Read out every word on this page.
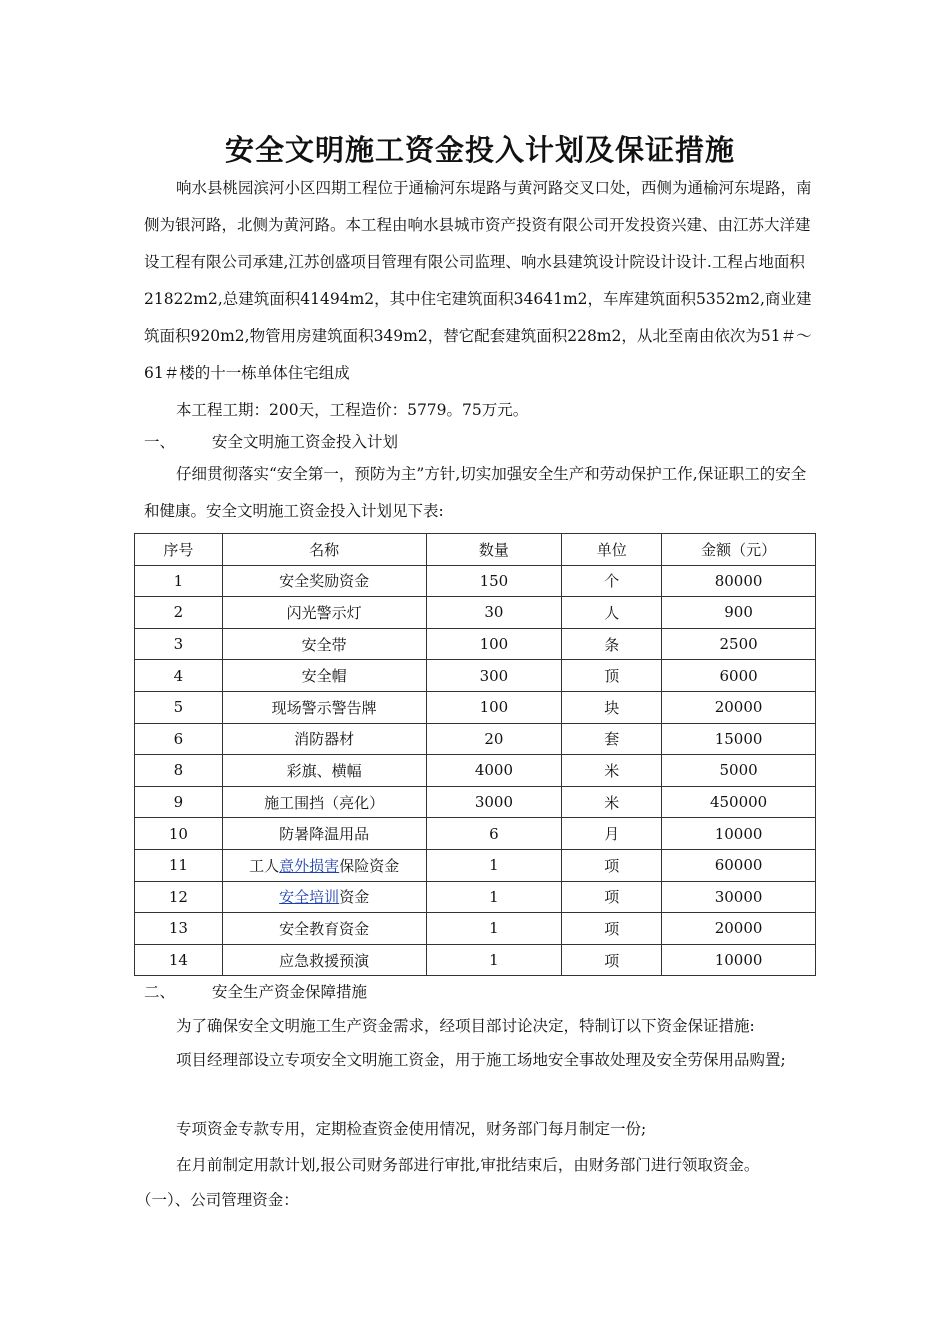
安全文明施工资金投入计划及保证措施

响水县桃园滨河小区四期工程位于通榆河东堤路与黄河路交叉口处，西侧为通榆河东堤路，南侧为银河路，北侧为黄河路。本工程由响水县城市资产投资有限公司开发投资兴建、由江苏大洋建设工程有限公司承建,江苏创盛项目管理有限公司监理、响水县建筑设计院设计设计.工程占地面积21822m2,总建筑面积41494m2，其中住宅建筑面积34641m2，车库建筑面积5352m2,商业建筑面积920m2,物管用房建筑面积349m2，替它配套建筑面积228m2，从北至南由依次为51＃～61＃楼的十一栋单体住宅组成

本工程工期：200天，工程造价：5779。75万元。

一、 安全文明施工资金投入计划

仔细贯彻落实“安全第一，预防为主”方针,切实加强安全生产和劳动保护工作,保证职工的安全和健康。安全文明施工资金投入计划见下表:

序号	名称	数量	单位	金额（元）
1	安全奖励资金	150	个	80000
2	闪光警示灯	30	人	900
3	安全带	100	条	2500
4	安全帽	300	顶	6000
5	现场警示警告牌	100	块	20000
6	消防器材	20	套	15000
8	彩旗、横幅	4000	米	5000
9	施工围挡（亮化）	3000	米	450000
10	防暑降温用品	6	月	10000
11	工人意外损害保险资金	1	项	60000
12	安全培训资金	1	项	30000
13	安全教育资金	1	项	20000
14	应急救援预演	1	项	10000
二、 安全生产资金保障措施

为了确保安全文明施工生产资金需求，经项目部讨论决定，特制订以下资金保证措施:

项目经理部设立专项安全文明施工资金，用于施工场地安全事故处理及安全劳保用品购置;

专项资金专款专用，定期检查资金使用情况，财务部门每月制定一份;

在月前制定用款计划,报公司财务部进行审批,审批结束后，由财务部门进行领取资金。

（一）、公司管理资金：
